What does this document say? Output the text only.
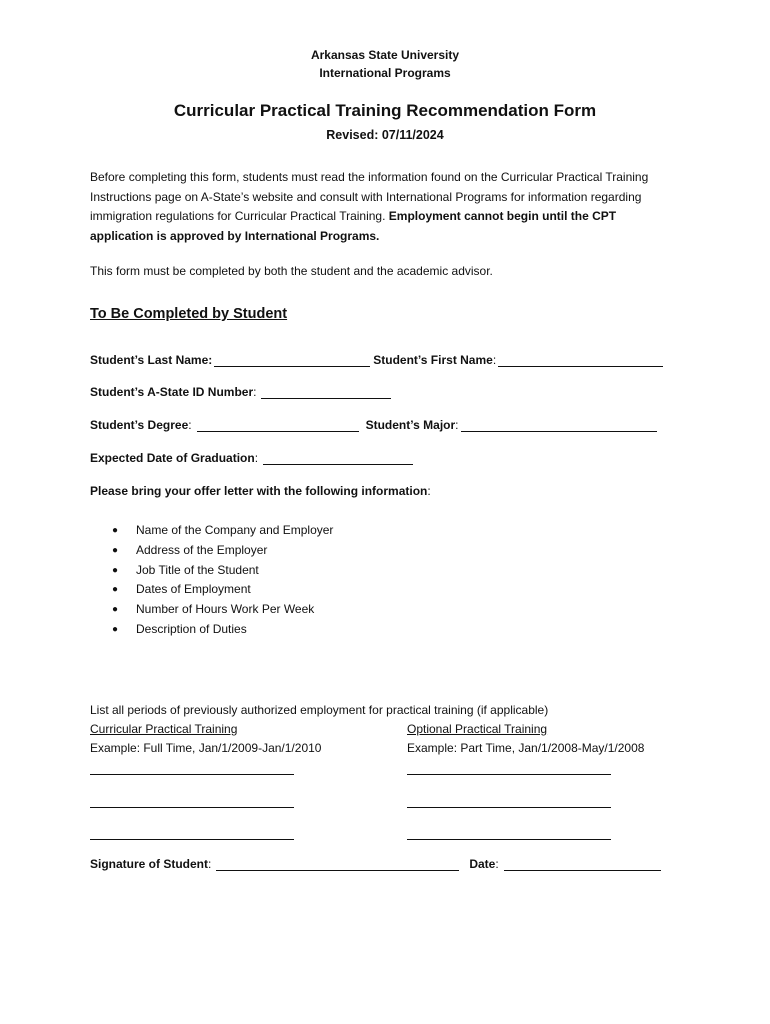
Arkansas State University
International Programs
Curricular Practical Training Recommendation Form
Revised: 07/11/2024
Before completing this form, students must read the information found on the Curricular Practical Training Instructions page on A-State’s website and consult with International Programs for information regarding immigration regulations for Curricular Practical Training. Employment cannot begin until the CPT application is approved by International Programs.
This form must be completed by both the student and the academic advisor.
To Be Completed by Student
Student’s Last Name:	Student’s First Name :
Student’s A-State ID Number :
Student’s Degree :	Student’s Major :
Expected Date of Graduation :
Please bring your offer letter with the following information:
● Name of the Company and Employer
● Address of the Employer
● Job Title of the Student
● Dates of Employment
● Number of Hours Work Per Week
● Description of Duties
List all periods of previously authorized employment for practical training (if applicable)
Curricular Practical Training	Optional Practical Training
Example: Full Time, Jan/1/2009-Jan/1/2010	Example: Part Time, Jan/1/2008-May/1/2008
Signature of Student :	Date :
